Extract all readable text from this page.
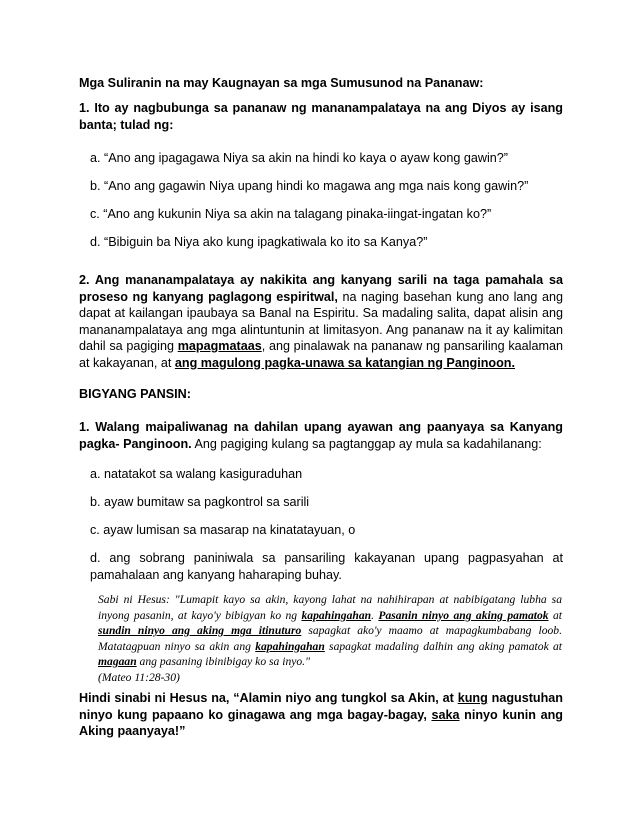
Mga Suliranin na may Kaugnayan sa mga Sumusunod na Pananaw:

1. Ito ay nagbubunga sa pananaw ng mananampalataya na ang Diyos ay isang banta; tulad ng:

a. “Ano ang ipagagawa Niya sa akin na hindi ko kaya o ayaw kong gawin?”

b. “Ano ang gagawin Niya upang hindi ko magawa ang mga nais kong gawin?”

c. “Ano ang kukunin Niya sa akin na talagang pinaka-iingat-ingatan ko?”

d. “Bibiguin ba Niya ako kung ipagkatiwala ko ito sa Kanya?”

2. Ang mananampalataya ay nakikita ang kanyang sarili na taga pamahala sa proseso ng kanyang paglagong espiritwal, na naging basehan kung ano lang ang dapat at kailangan ipaubaya sa Banal na Espiritu. Sa madaling salita, dapat alisin ang mananampalataya ang mga alintuntunin at limitasyon. Ang pananaw na it ay kalimitan dahil sa pagiging mapagmataas, ang pinalawak na pananaw ng pansariling kaalaman at kakayanan, at ang magulong pagka-unawa sa katangian ng Panginoon.

BIGYANG PANSIN:

1. Walang maipaliwanag na dahilan upang ayawan ang paanyaya sa Kanyang pagka- Panginoon. Ang pagiging kulang sa pagtanggap ay mula sa kadahilanang:

a. natatakot sa walang kasiguraduhan

b. ayaw bumitaw sa pagkontrol sa sarili

c. ayaw lumisan sa masarap na kinatatayuan, o

d. ang sobrang paniniwala sa pansariling kakayanan upang pagpasyahan at pamahalaan ang kanyang haharaping buhay.

Sabi ni Hesus: "Lumapit kayo sa akin, kayong lahat na nahihirapan at nabibigatang lubha sa inyong pasanin, at kayo'y bibigyan ko ng kapahingahan. Pasanin ninyo ang aking pamatok at sundin ninyo ang aking mga itinuturo sapagkat ako'y maamo at mapagkumbabang loob. Matatagpuan ninyo sa akin ang kapahingahan sapagkat madaling dalhin ang aking pamatok at magaan ang pasaning ibinibigay ko sa inyo."
(Mateo 11:28-30)

Hindi sinabi ni Hesus na, “Alamin niyo ang tungkol sa Akin, at kung nagustuhan ninyo kung papaano ko ginagawa ang mga bagay-bagay, saka ninyo kunin ang Aking paanyaya!”
